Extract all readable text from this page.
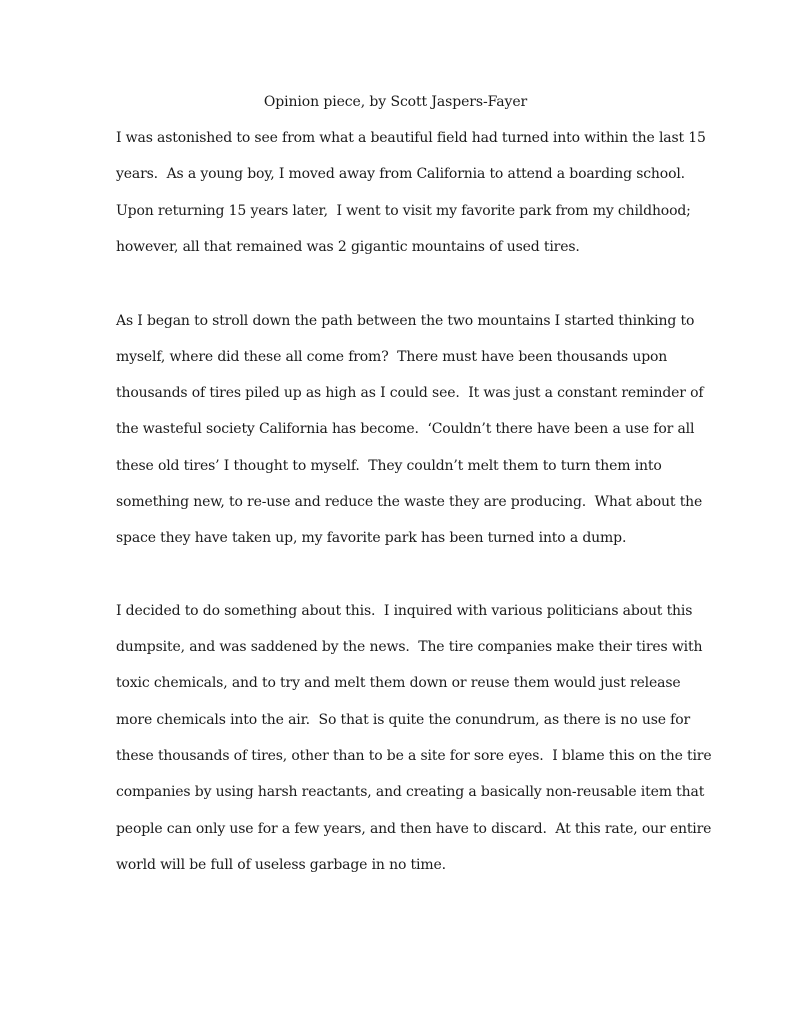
Opinion piece, by Scott Jaspers-Fayer
I was astonished to see from what a beautiful field had turned into within the last 15
years.  As a young boy, I moved away from California to attend a boarding school.
Upon returning 15 years later,  I went to visit my favorite park from my childhood;
however, all that remained was 2 gigantic mountains of used tires.
As I began to stroll down the path between the two mountains I started thinking to
myself, where did these all come from?  There must have been thousands upon
thousands of tires piled up as high as I could see.  It was just a constant reminder of
the wasteful society California has become.  ‘Couldn’t there have been a use for all
these old tires’ I thought to myself.  They couldn’t melt them to turn them into
something new, to re-use and reduce the waste they are producing.  What about the
space they have taken up, my favorite park has been turned into a dump.
I decided to do something about this.  I inquired with various politicians about this
dumpsite, and was saddened by the news.  The tire companies make their tires with
toxic chemicals, and to try and melt them down or reuse them would just release
more chemicals into the air.  So that is quite the conundrum, as there is no use for
these thousands of tires, other than to be a site for sore eyes.  I blame this on the tire
companies by using harsh reactants, and creating a basically non-reusable item that
people can only use for a few years, and then have to discard.  At this rate, our entire
world will be full of useless garbage in no time.
